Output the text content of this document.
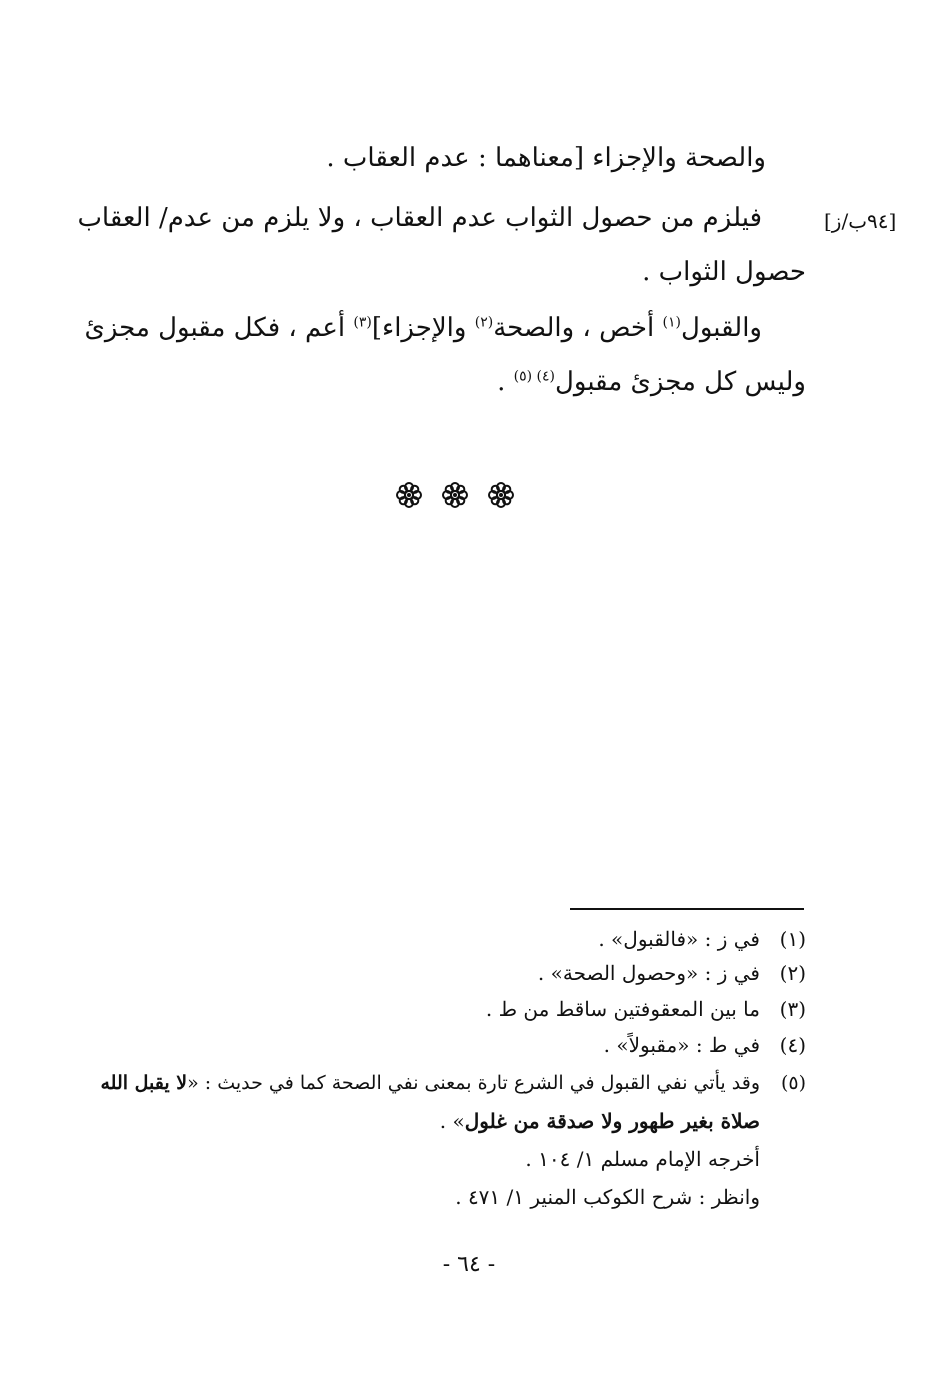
والصحة والإجزاء [معناهما : عدم العقاب .
[٩٤ب/ز]
فيلزم من حصول الثواب عدم العقاب ، ولا يلزم من عدم/ العقاب
حصول الثواب .
والقبول$^{(١)}$ أخص ، والصحة$^{(٢)}$ والإجزاء]$^{(٣)}$ أعم ، فكل مقبول مجزئ
وليس كل مجزئ مقبول$^{(٤) (٥)}$ .
(١)في ز : «فالقبول» .
(٢)في ز : «وحصول الصحة» .
(٣)ما بين المعقوفتين ساقط من ط .
(٤)في ط : «مقبولاً» .
(٥)وقد يأتي نفي القبول في الشرع تارة بمعنى نفي الصحة كما في حديث : «لا يقبل الله
صلاة بغير طهور ولا صدقة من غلول» .
أخرجه الإمام مسلم ١/ ١٠٤ .
وانظر : شرح الكوكب المنير ١/ ٤٧١ .
- ٦٤ -
